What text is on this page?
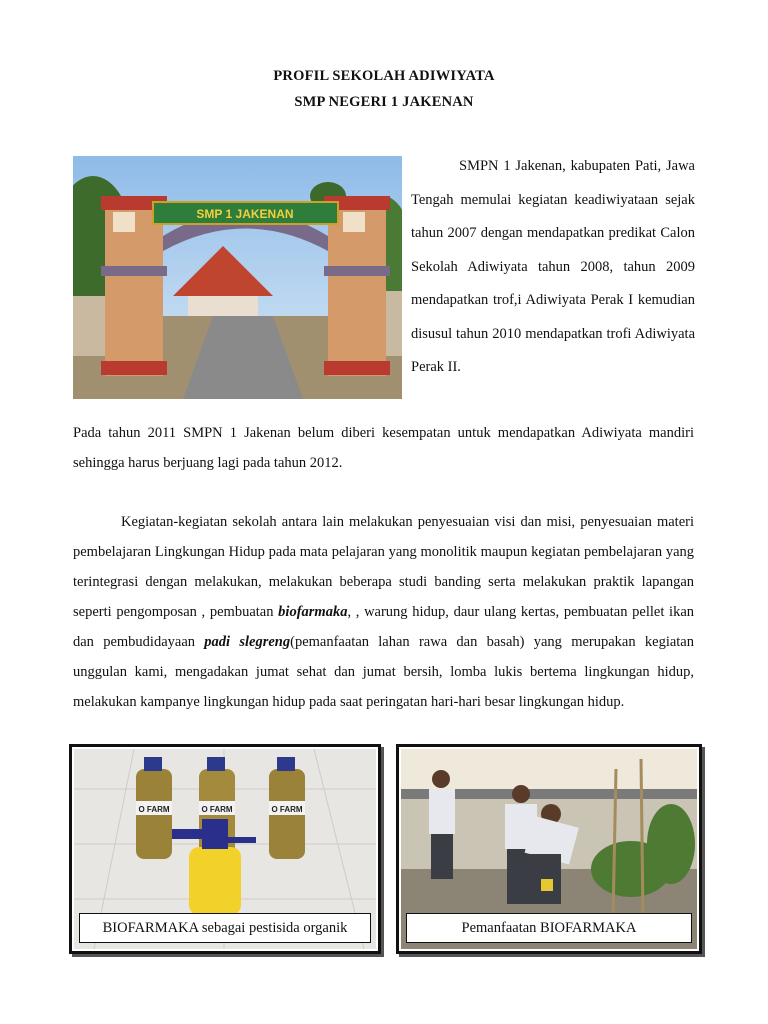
PROFIL SEKOLAH ADIWIYATA
SMP NEGERI 1 JAKENAN
SMP 1 JAKENAN
SMPN 1 Jakenan, kabupaten Pati, Jawa Tengah memulai kegiatan keadiwiyataan sejak tahun 2007 dengan mendapatkan predikat Calon Sekolah Adiwiyata tahun 2008, tahun 2009 mendapatkan trof,i Adiwiyata Perak I kemudian disusul tahun 2010 mendapatkan trofi Adiwiyata Perak II.
Pada tahun 2011 SMPN 1 Jakenan belum diberi kesempatan untuk mendapatkan Adiwiyata mandiri sehingga harus berjuang lagi pada tahun 2012.
Kegiatan-kegiatan sekolah antara lain melakukan penyesuaian visi dan misi, penyesuaian materi pembelajaran Lingkungan Hidup pada mata pelajaran yang monolitik maupun kegiatan pembelajaran yang terintegrasi dengan melakukan, melakukan beberapa studi banding serta melakukan praktik lapangan seperti pengomposan , pembuatan biofarmaka, , warung hidup, daur ulang kertas, pembuatan pellet ikan dan pembudidayaan padi slegreng(pemanfaatan lahan rawa dan basah) yang merupakan kegiatan unggulan kami, mengadakan jumat sehat dan jumat bersih, lomba lukis bertema lingkungan hidup, melakukan kampanye lingkungan hidup pada saat peringatan hari-hari besar lingkungan hidup.
O FARM	O FARM	O FARM
BIOFARMAKA sebagai pestisida organik	Pemanfaatan BIOFARMAKA
